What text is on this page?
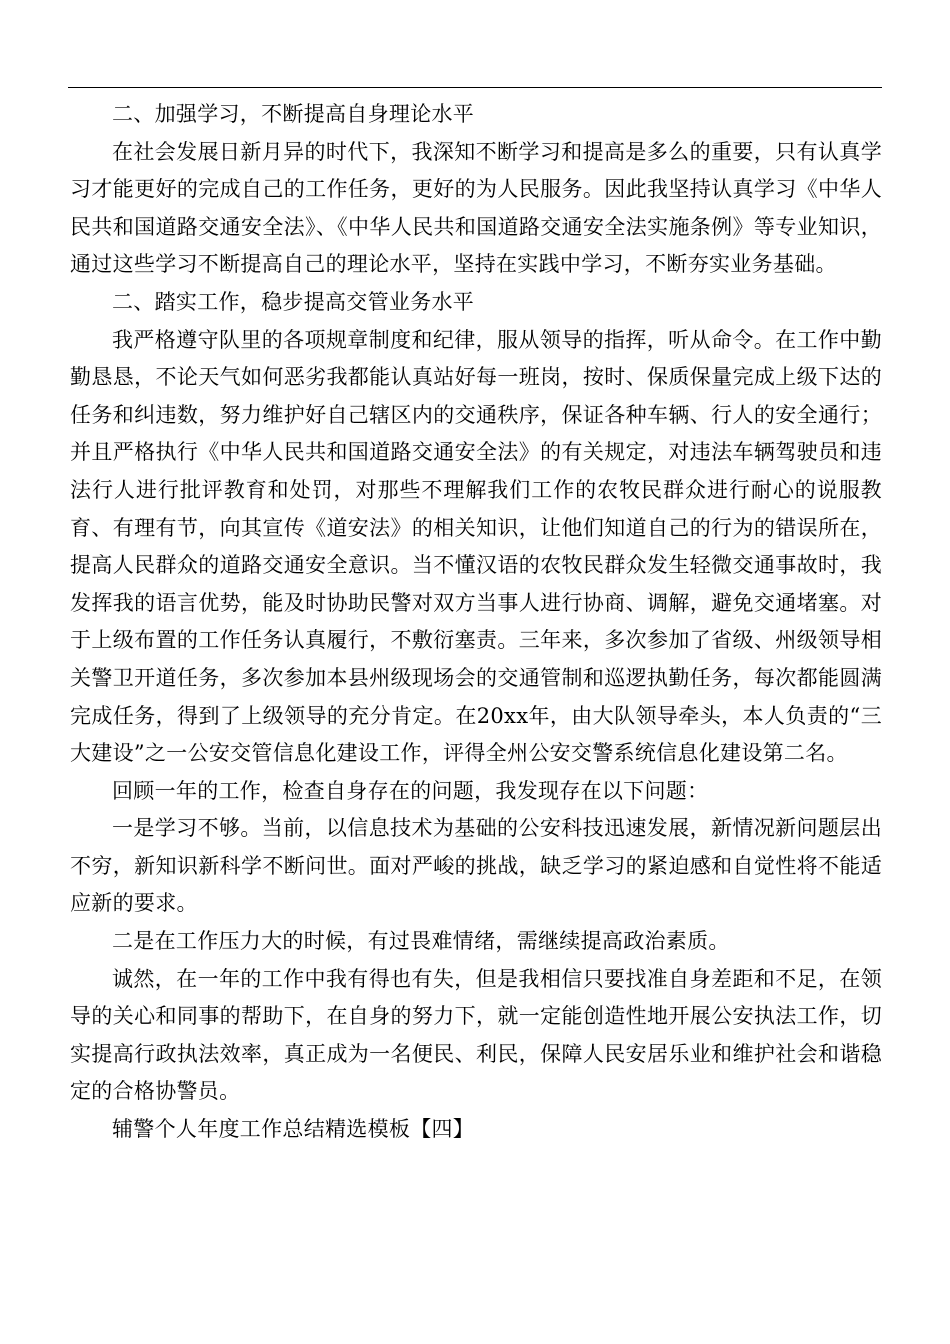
二、加强学习，不断提高自身理论水平

在社会发展日新月异的时代下，我深知不断学习和提高是多么的重要，只有认真学习才能更好的完成自己的工作任务，更好的为人民服务。因此我坚持认真学习《中华人民共和国道路交通安全法》、《中华人民共和国道路交通安全法实施条例》等专业知识，通过这些学习不断提高自己的理论水平，坚持在实践中学习，不断夯实业务基础。

二、踏实工作，稳步提高交管业务水平

我严格遵守队里的各项规章制度和纪律，服从领导的指挥，听从命令。在工作中勤勤恳恳，不论天气如何恶劣我都能认真站好每一班岗，按时、保质保量完成上级下达的任务和纠违数，努力维护好自己辖区内的交通秩序，保证各种车辆、行人的安全通行；并且严格执行《中华人民共和国道路交通安全法》的有关规定，对违法车辆驾驶员和违法行人进行批评教育和处罚，对那些不理解我们工作的农牧民群众进行耐心的说服教育、有理有节，向其宣传《道安法》的相关知识，让他们知道自己的行为的错误所在，提高人民群众的道路交通安全意识。当不懂汉语的农牧民群众发生轻微交通事故时，我发挥我的语言优势，能及时协助民警对双方当事人进行协商、调解，避免交通堵塞。对于上级布置的工作任务认真履行，不敷衍塞责。三年来，多次参加了省级、州级领导相关警卫开道任务，多次参加本县州级现场会的交通管制和巡逻执勤任务，每次都能圆满完成任务，得到了上级领导的充分肯定。在20xx年，由大队领导牵头，本人负责的“三大建设”之一公安交管信息化建设工作，评得全州公安交警系统信息化建设第二名。

回顾一年的工作，检查自身存在的问题，我发现存在以下问题：

一是学习不够。当前，以信息技术为基础的公安科技迅速发展，新情况新问题层出不穷，新知识新科学不断问世。面对严峻的挑战，缺乏学习的紧迫感和自觉性将不能适应新的要求。

二是在工作压力大的时候，有过畏难情绪，需继续提高政治素质。

诚然，在一年的工作中我有得也有失，但是我相信只要找准自身差距和不足，在领导的关心和同事的帮助下，在自身的努力下，就一定能创造性地开展公安执法工作，切实提高行政执法效率，真正成为一名便民、利民，保障人民安居乐业和维护社会和谐稳定的合格协警员。

辅警个人年度工作总结精选模板【四】
